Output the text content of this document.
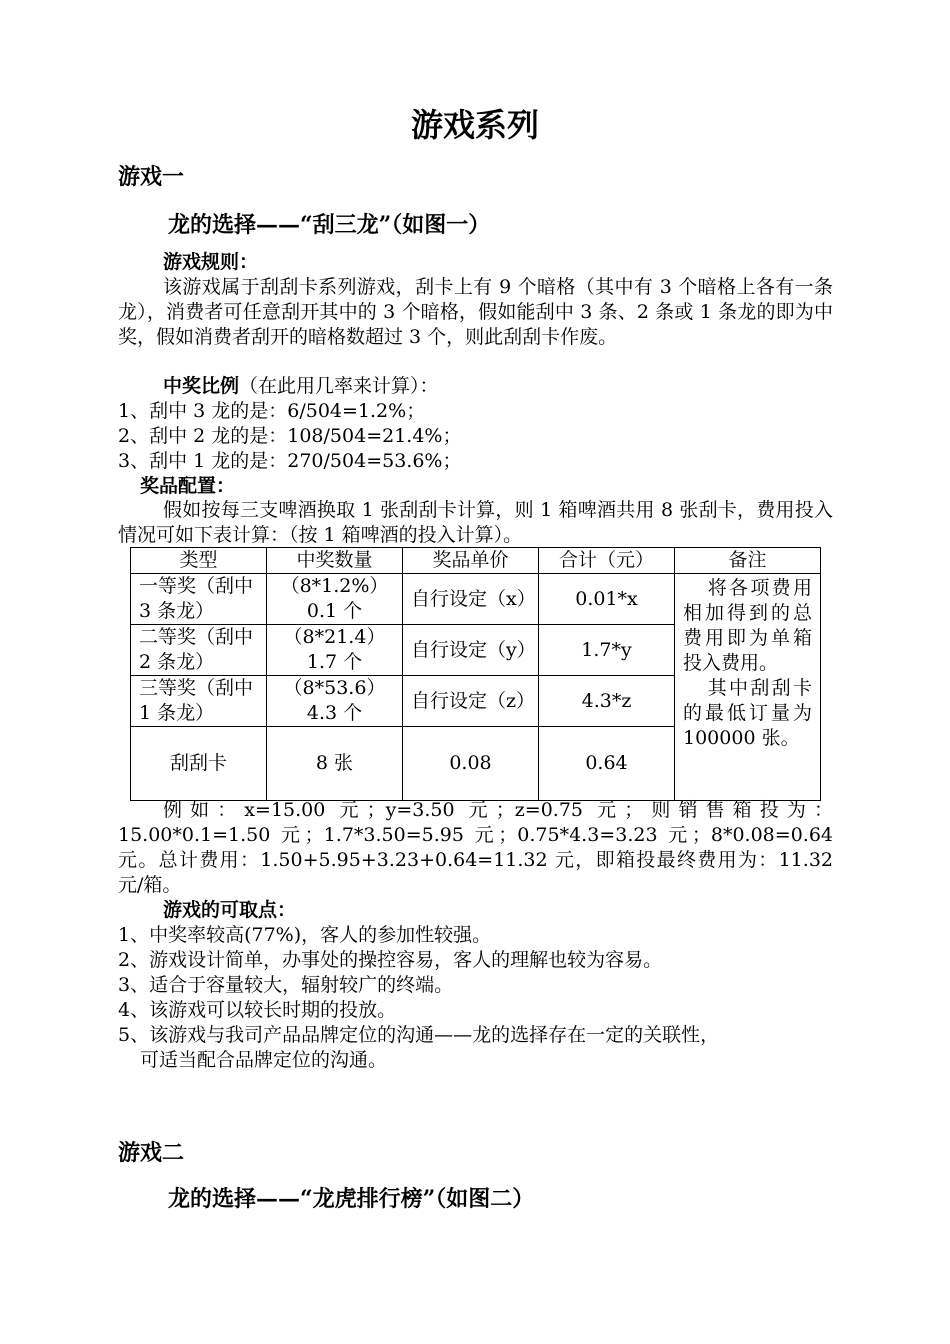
游戏系列
游戏一
龙的选择——“刮三龙”（如图一）
游戏规则：
该游戏属于刮刮卡系列游戏，刮卡上有 9 个暗格（其中有 3 个暗格上各有一条龙），消费者可任意刮开其中的 3 个暗格，假如能刮中 3 条、2 条或 1 条龙的即为中奖，假如消费者刮开的暗格数超过 3 个，则此刮刮卡作废。
中奖比例（在此用几率来计算）：
1、刮中 3 龙的是：6/504=1.2%；
2、刮中 2 龙的是：108/504=21.4%；
3、刮中 1 龙的是：270/504=53.6%；
奖品配置：
假如按每三支啤酒换取 1 张刮刮卡计算，则 1 箱啤酒共用 8 张刮卡，费用投入情况可如下表计算：（按 1 箱啤酒的投入计算）。
类型	中奖数量	奖品单价	合计（元）	备注
一等奖（刮中 3 条龙）	（8*1.2%）0.1 个	自行设定（x）	0.01*x	将各项费用相加得到的总费用即为单箱投入费用。
其中刮刮卡的最低订量为 100000 张。

二等奖（刮中 2 条龙）	（8*21.4）1.7 个	自行设定（y）	1.7*y	
三等奖（刮中 1 条龙）	（8*53.6）4.3 个	自行设定（z）	4.3*z	
刮刮卡	8 张	0.08	0.64	
例如：x=15.00 元；y=3.50 元；z=0.75 元；则销售箱投为：15.00*0.1=1.50 元；1.7*3.50=5.95 元；0.75*4.3=3.23 元；8*0.08=0.64 元。总计费用：1.50+5.95+3.23+0.64=11.32 元，即箱投最终费用为：11.32 元/箱。
游戏的可取点：
1、中奖率较高(77%)，客人的参加性较强。
2、游戏设计简单，办事处的操控容易，客人的理解也较为容易。
3、适合于容量较大，辐射较广的终端。
4、该游戏可以较长时期的投放。
5、该游戏与我司产品品牌定位的沟通——龙的选择存在一定的关联性，
可适当配合品牌定位的沟通。
游戏二
龙的选择——“龙虎排行榜”（如图二）
